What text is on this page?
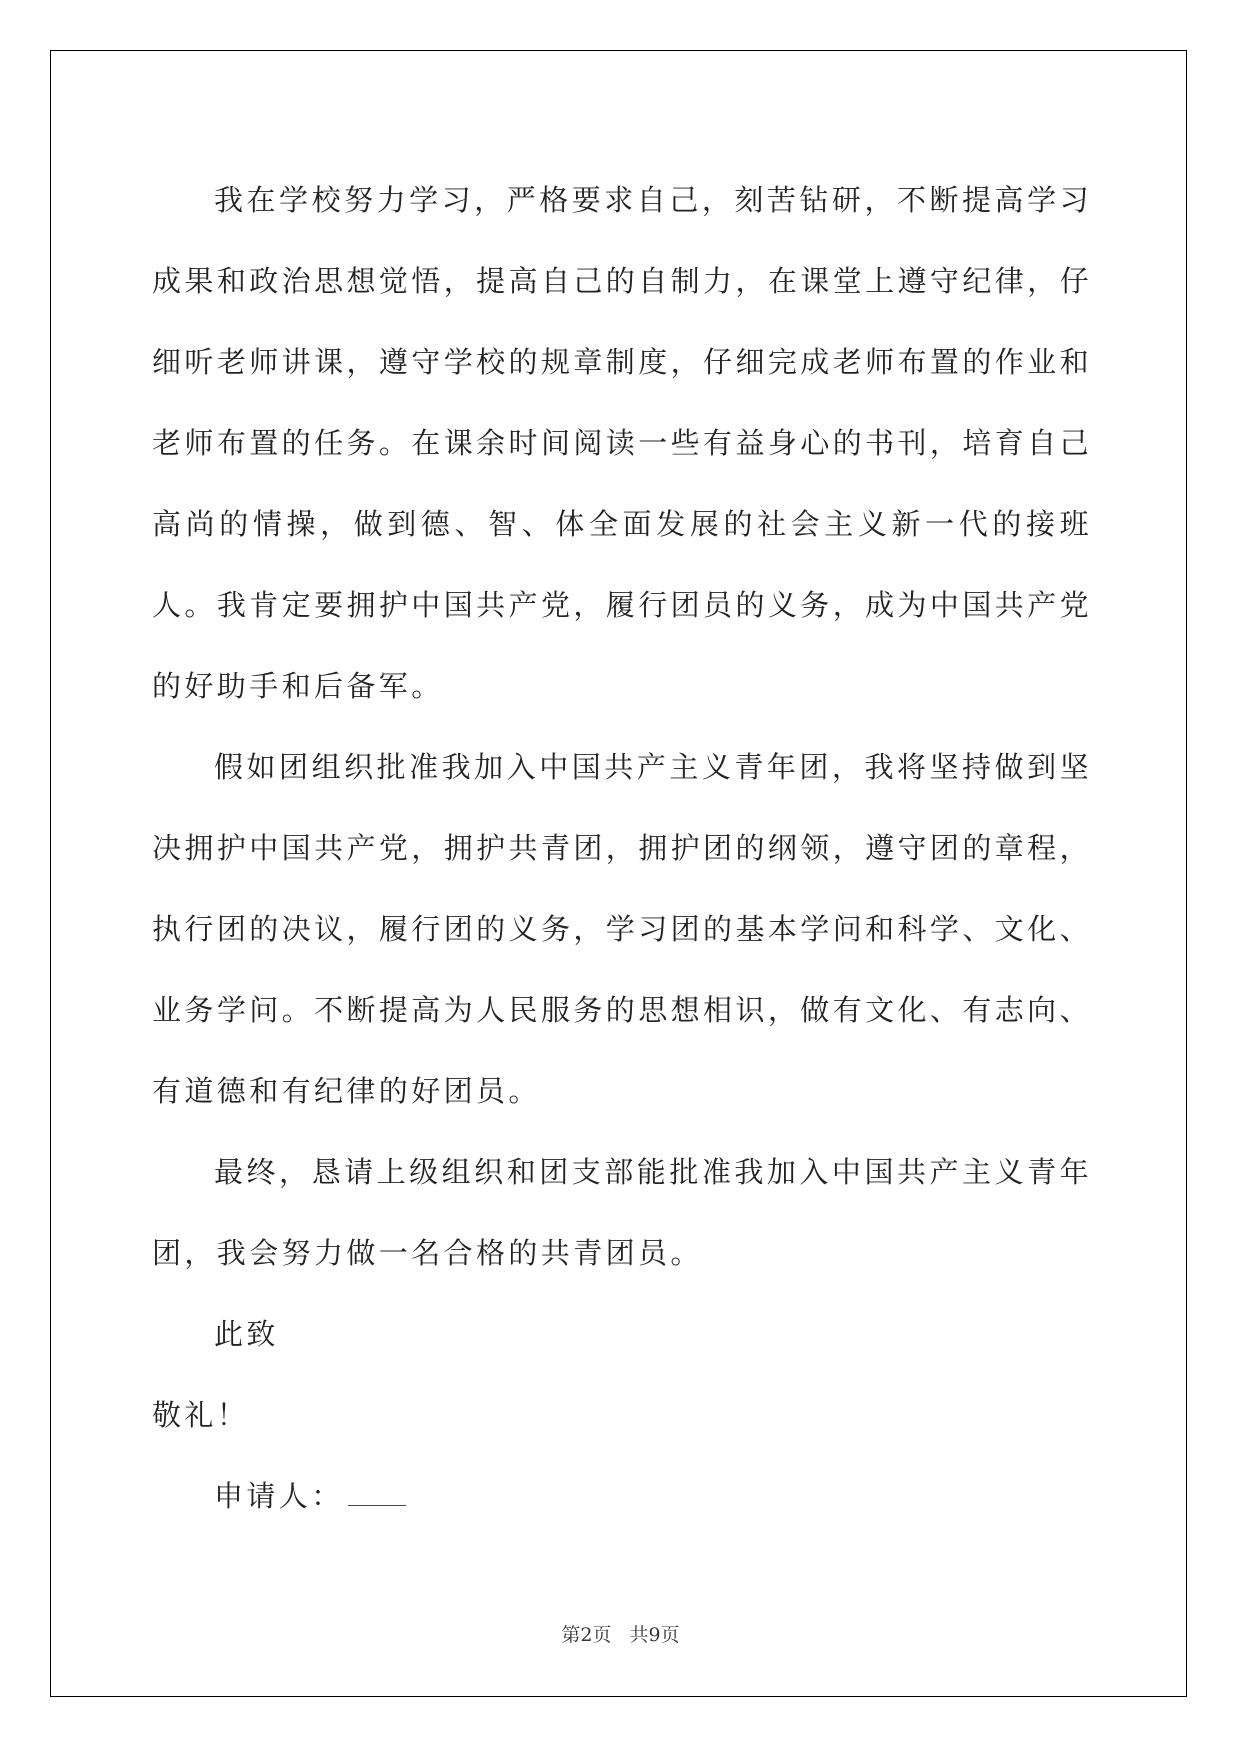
我在学校努力学习，严格要求自己，刻苦钻研，不断提高学习成果和政治思想觉悟，提高自己的自制力，在课堂上遵守纪律，仔细听老师讲课，遵守学校的规章制度，仔细完成老师布置的作业和老师布置的任务。在课余时间阅读一些有益身心的书刊，培育自己高尚的情操，做到德、智、体全面发展的社会主义新一代的接班人。我肯定要拥护中国共产党，履行团员的义务，成为中国共产党的好助手和后备军。

假如团组织批准我加入中国共产主义青年团，我将坚持做到坚决拥护中国共产党，拥护共青团，拥护团的纲领，遵守团的章程，执行团的决议，履行团的义务，学习团的基本学问和科学、文化、业务学问。不断提高为人民服务的思想相识，做有文化、有志向、有道德和有纪律的好团员。

最终，恳请上级组织和团支部能批准我加入中国共产主义青年团，我会努力做一名合格的共青团员。

此致

敬礼！

申请人：

第2页 共9页
